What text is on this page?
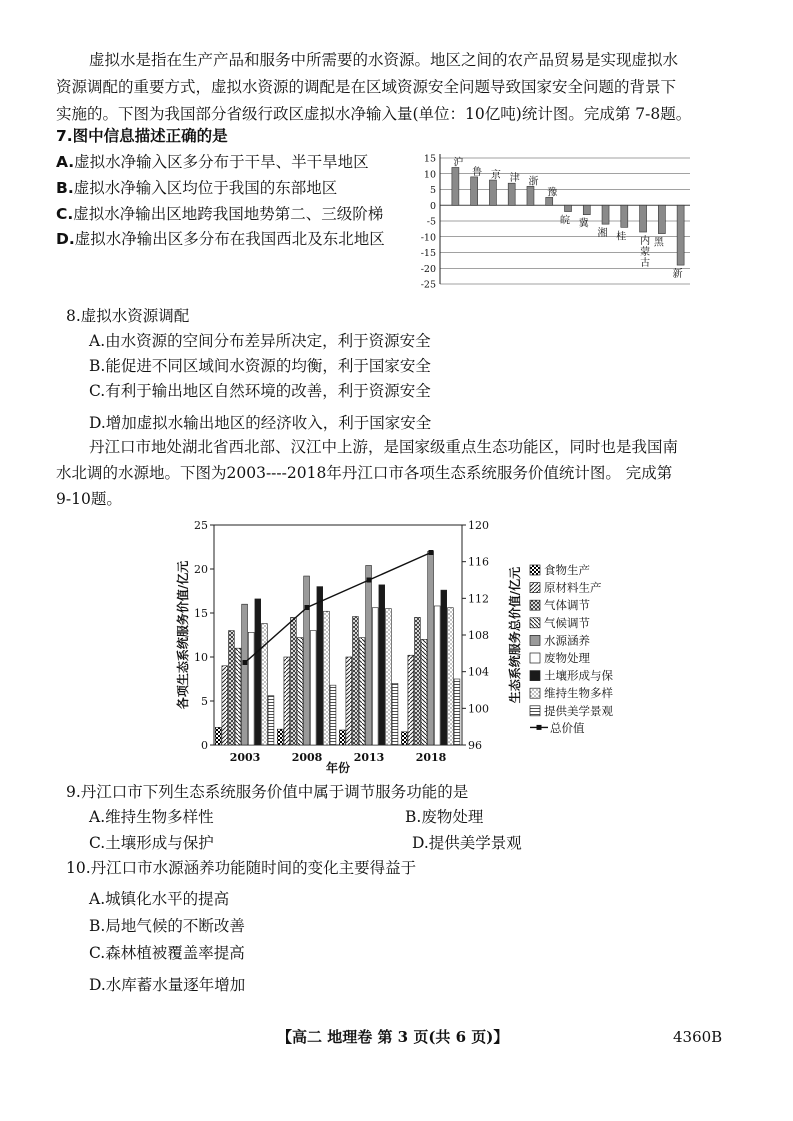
虚拟水是指在生产产品和服务中所需要的水资源。地区之间的农产品贸易是实现虚拟水
资源调配的重要方式，虚拟水资源的调配是在区域资源安全问题导致国家安全问题的背景下
实施的。下图为我国部分省级行政区虚拟水净输入量(单位：10亿吨)统计图。完成第 7-8题。
7.图中信息描述正确的是
A.虚拟水净输入区多分布于干旱、半干旱地区
B.虚拟水净输入区均位于我国的东部地区
C.虚拟水净输出区地跨我国地势第二、三级阶梯
D.虚拟水净输出区多分布在我国西北及东北地区
15
10
5
0
-5
-10
-15
-20
-25
沪
鲁 京 津 浙
豫
皖 冀
湘 桂 内蒙古
黑
新
8.虚拟水资源调配
A.由水资源的空间分布差异所决定，利于资源安全
B.能促进不同区域间水资源的均衡，利于国家安全
C.有利于输出地区自然环境的改善，利于资源安全
D.增加虚拟水输出地区的经济收入，利于国家安全
丹江口市地处湖北省西北部、汉江中上游，是国家级重点生态功能区，同时也是我国南
水北调的水源地。下图为2003----2018年丹江口市各项生态系统服务价值统计图。 完成第
9-10题。
食物生产
原材料生产
气体调节
气候调节
水源涵养
废物处理
土壤形成与保
维持生物多样
提供美学景观
总价值
0
5
10
15
20
25
96
100
104
108
112
116
120
2003	2008	2013	2018
各项生态系统服务价值/亿元	生态系统服务总价值/亿元
年份
9.丹江口市下列生态系统服务价值中属于调节服务功能的是
A.维持生物多样性	B.废物处理
C.土壤形成与保护	D.提供美学景观
10.丹江口市水源涵养功能随时间的变化主要得益于
A.城镇化水平的提高
B.局地气候的不断改善
C.森林植被覆盖率提高
D.水库蓄水量逐年增加
【高二 地理卷 第 3 页(共 6 页)】	4360B
